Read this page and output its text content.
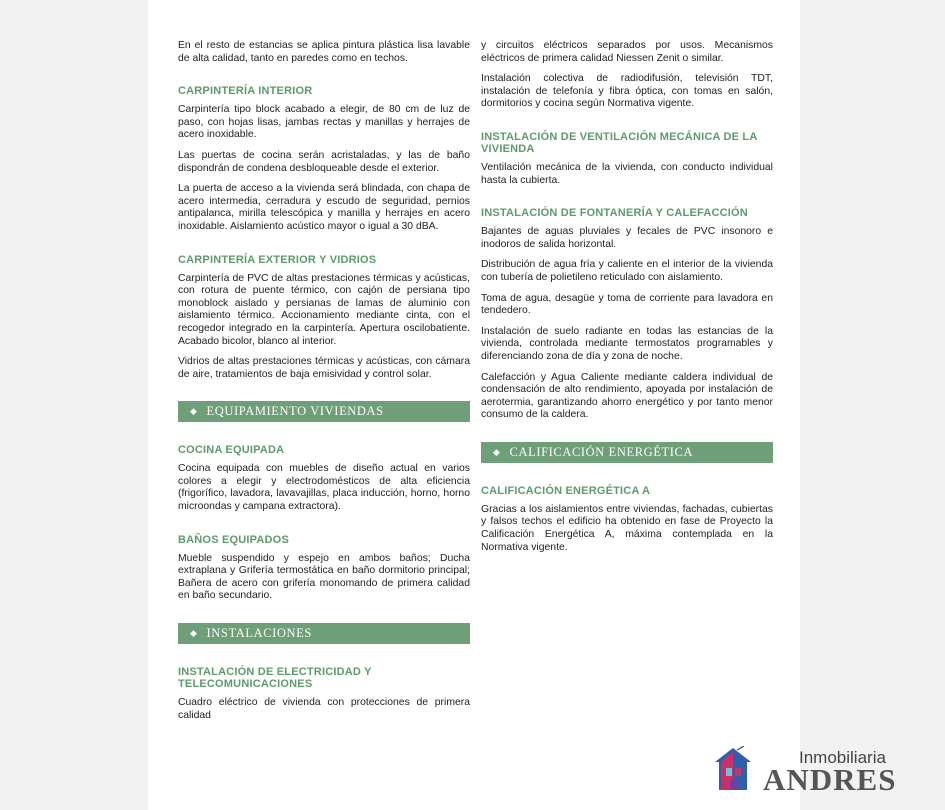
En el resto de estancias se aplica pintura plástica lisa lavable de alta calidad, tanto en paredes como en techos.

CARPINTERÍA INTERIOR

Carpintería tipo block acabado a elegir, de 80 cm de luz de paso, con hojas lisas, jambas rectas y manillas y herrajes de acero inoxidable.

Las puertas de cocina serán acristaladas, y las de baño dispondrán de condena desbloqueable desde el exterior.

La puerta de acceso a la vivienda será blindada, con chapa de acero intermedia, cerradura y escudo de seguridad, pernios antipalanca, mirilla telescópica y manilla y herrajes en acero inoxidable. Aislamiento acústico mayor o igual a 30 dBA.

CARPINTERÍA EXTERIOR Y VIDRIOS

Carpintería de PVC de altas prestaciones térmicas y acústicas, con rotura de puente térmico, con cajón de persiana tipo monoblock aislado y persianas de lamas de aluminio con aislamiento térmico. Accionamiento mediante cinta, con el recogedor integrado en la carpintería. Apertura oscilobatiente. Acabado bicolor, blanco al interior.

Vidrios de altas prestaciones térmicas y acústicas, con cámara de aire, tratamientos de baja emisividad y control solar.

◆ EQUIPAMIENTO VIVIENDAS
COCINA EQUIPADA

Cocina equipada con muebles de diseño actual en varios colores a elegir y electrodomésticos de alta eficiencia (frigorífico, lavadora, lavavajillas, placa inducción, horno, horno microondas y campana extractora).

BAÑOS EQUIPADOS

Mueble suspendido y espejo en ambos baños; Ducha extraplana y Grifería termostática en baño dormitorio principal; Bañera de acero con grifería monomando de primera calidad en baño secundario.

◆ INSTALACIONES
INSTALACIÓN DE ELECTRICIDAD Y TELECOMUNICACIONES

Cuadro eléctrico de vivienda con protecciones de primera calidad

y circuitos eléctricos separados por usos. Mecanismos eléctricos de primera calidad Niessen Zenit o similar.

Instalación colectiva de radiodifusión, televisión TDT, instalación de telefonía y fibra óptica, con tomas en salón, dormitorios y cocina según Normativa vigente.

INSTALACIÓN DE VENTILACIÓN MECÁNICA DE LA VIVIENDA

Ventilación mecánica de la vivienda, con conducto individual hasta la cubierta.

INSTALACIÓN DE FONTANERÍA Y CALEFACCIÓN

Bajantes de aguas pluviales y fecales de PVC insonoro e inodoros de salida horizontal.

Distribución de agua fría y caliente en el interior de la vivienda con tubería de polietileno reticulado con aislamiento.

Toma de agua, desagüe y toma de corriente para lavadora en tendedero.

Instalación de suelo radiante en todas las estancias de la vivienda, controlada mediante termostatos programables y diferenciando zona de día y zona de noche.

Calefacción y Agua Caliente mediante caldera individual de condensación de alto rendimiento, apoyada por instalación de aerotermia, garantizando ahorro energético y por tanto menor consumo de la caldera.

◆ CALIFICACIÓN ENERGÉTICA
CALIFICACIÓN ENERGÉTICA A

Gracias a los aislamientos entre viviendas, fachadas, cubiertas y falsos techos el edificio ha obtenido en fase de Proyecto la Calificación Energética A, máxima contemplada en la Normativa vigente.

Inmobiliaria
ANDRES
